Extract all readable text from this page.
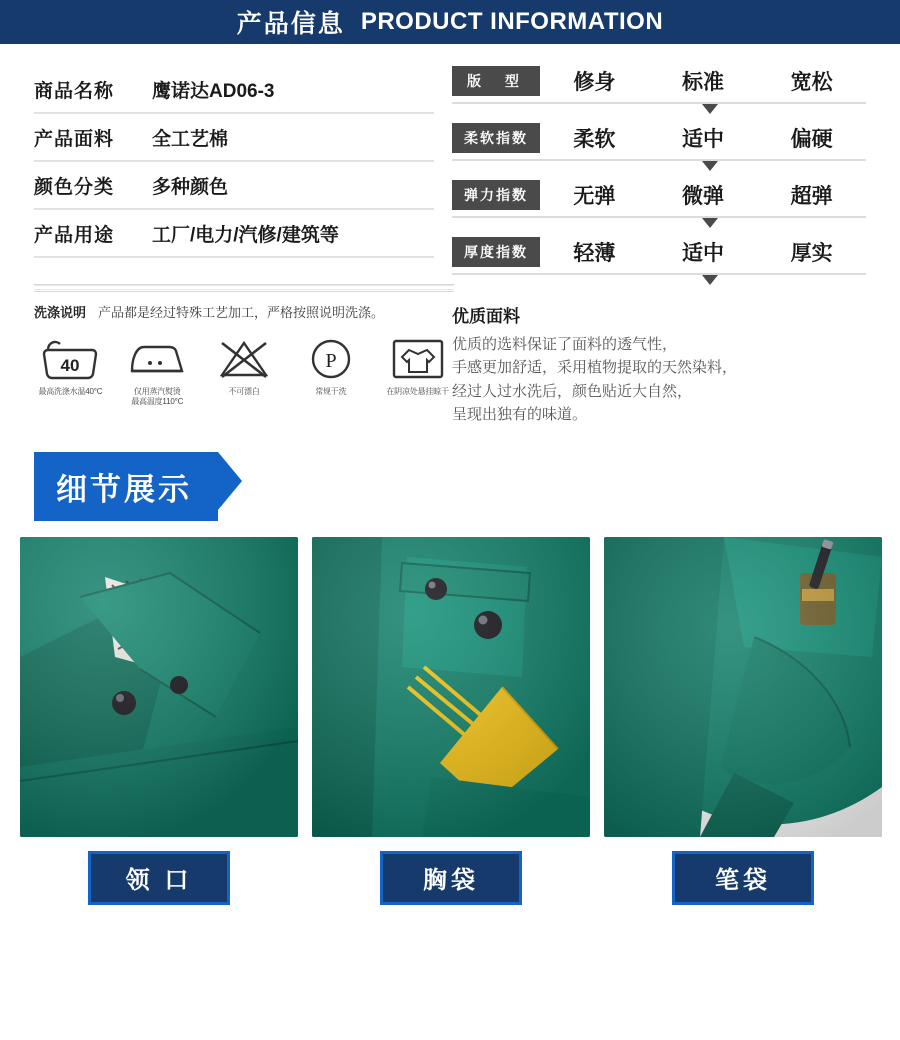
产品信息 PRODUCT INFORMATION
商品名称	鹰诺达AD06-3
产品面料	全工艺棉
颜色分类	多种颜色
产品用途	工厂/电力/汽修/建筑等
洗涤说明 产品都是经过特殊工艺加工，严格按照说明洗涤。
40
最高洗涤水温40°C	仅用蒸汽熨烫
最高温度110°C
不可漂白
P
常规干洗	在阴凉处悬挂晾干
版 型	修身	标准	宽松
柔软指数	柔软	适中	偏硬
弹力指数	无弹	微弹	超弹
厚度指数	轻薄	适中	厚实
优质面料

优质的选料保证了面料的透气性，
手感更加舒适，采用植物提取的天然染料，
经过人过水洗后，颜色贴近大自然，
呈现出独有的味道。

细节展示
领 口	胸袋	笔袋
